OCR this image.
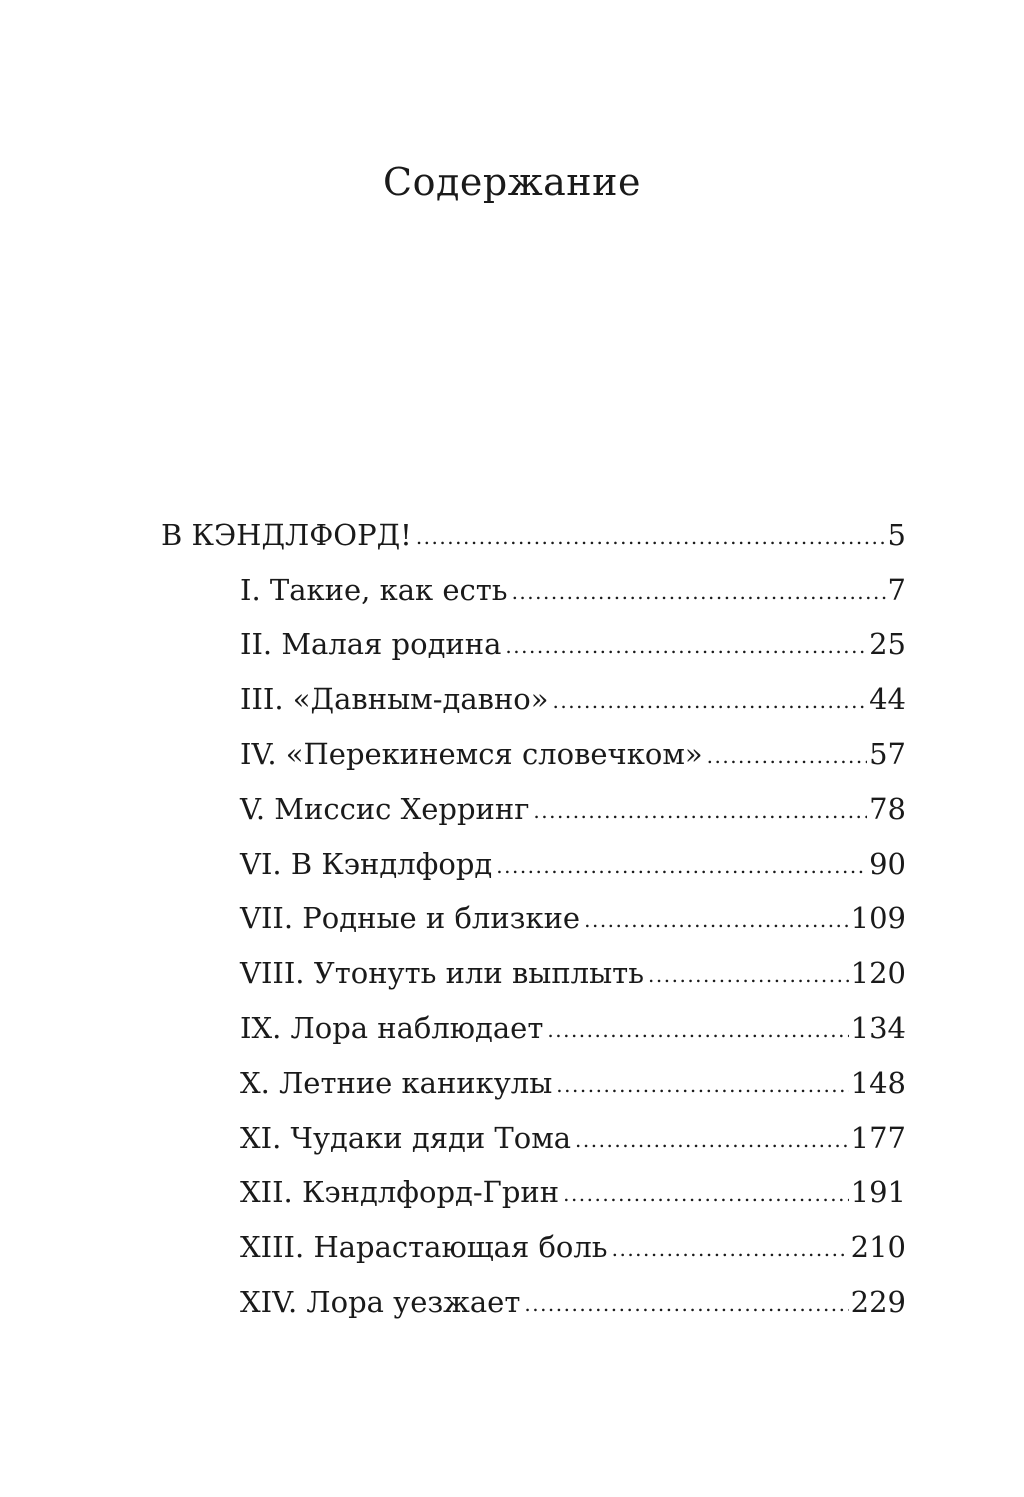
Содержание
В КЭНДЛФОРД! .....	5
I. Такие, как есть .....	7
II. Малая родина .....	25
III. «Давным-давно» .....	44
IV. «Перекинемся словечком» .....	57
V. Миссис Херринг .....	78
VI. В Кэндлфорд .....	90
VII. Родные и близкие .....	109
VIII. Утонуть или выплыть .....	120
IX. Лора наблюдает .....	134
X. Летние каникулы .....	148
XI. Чудаки дяди Тома .....	177
XII. Кэндлфорд-Грин .....	191
XIII. Нарастающая боль .....	210
XIV. Лора уезжает .....	229
